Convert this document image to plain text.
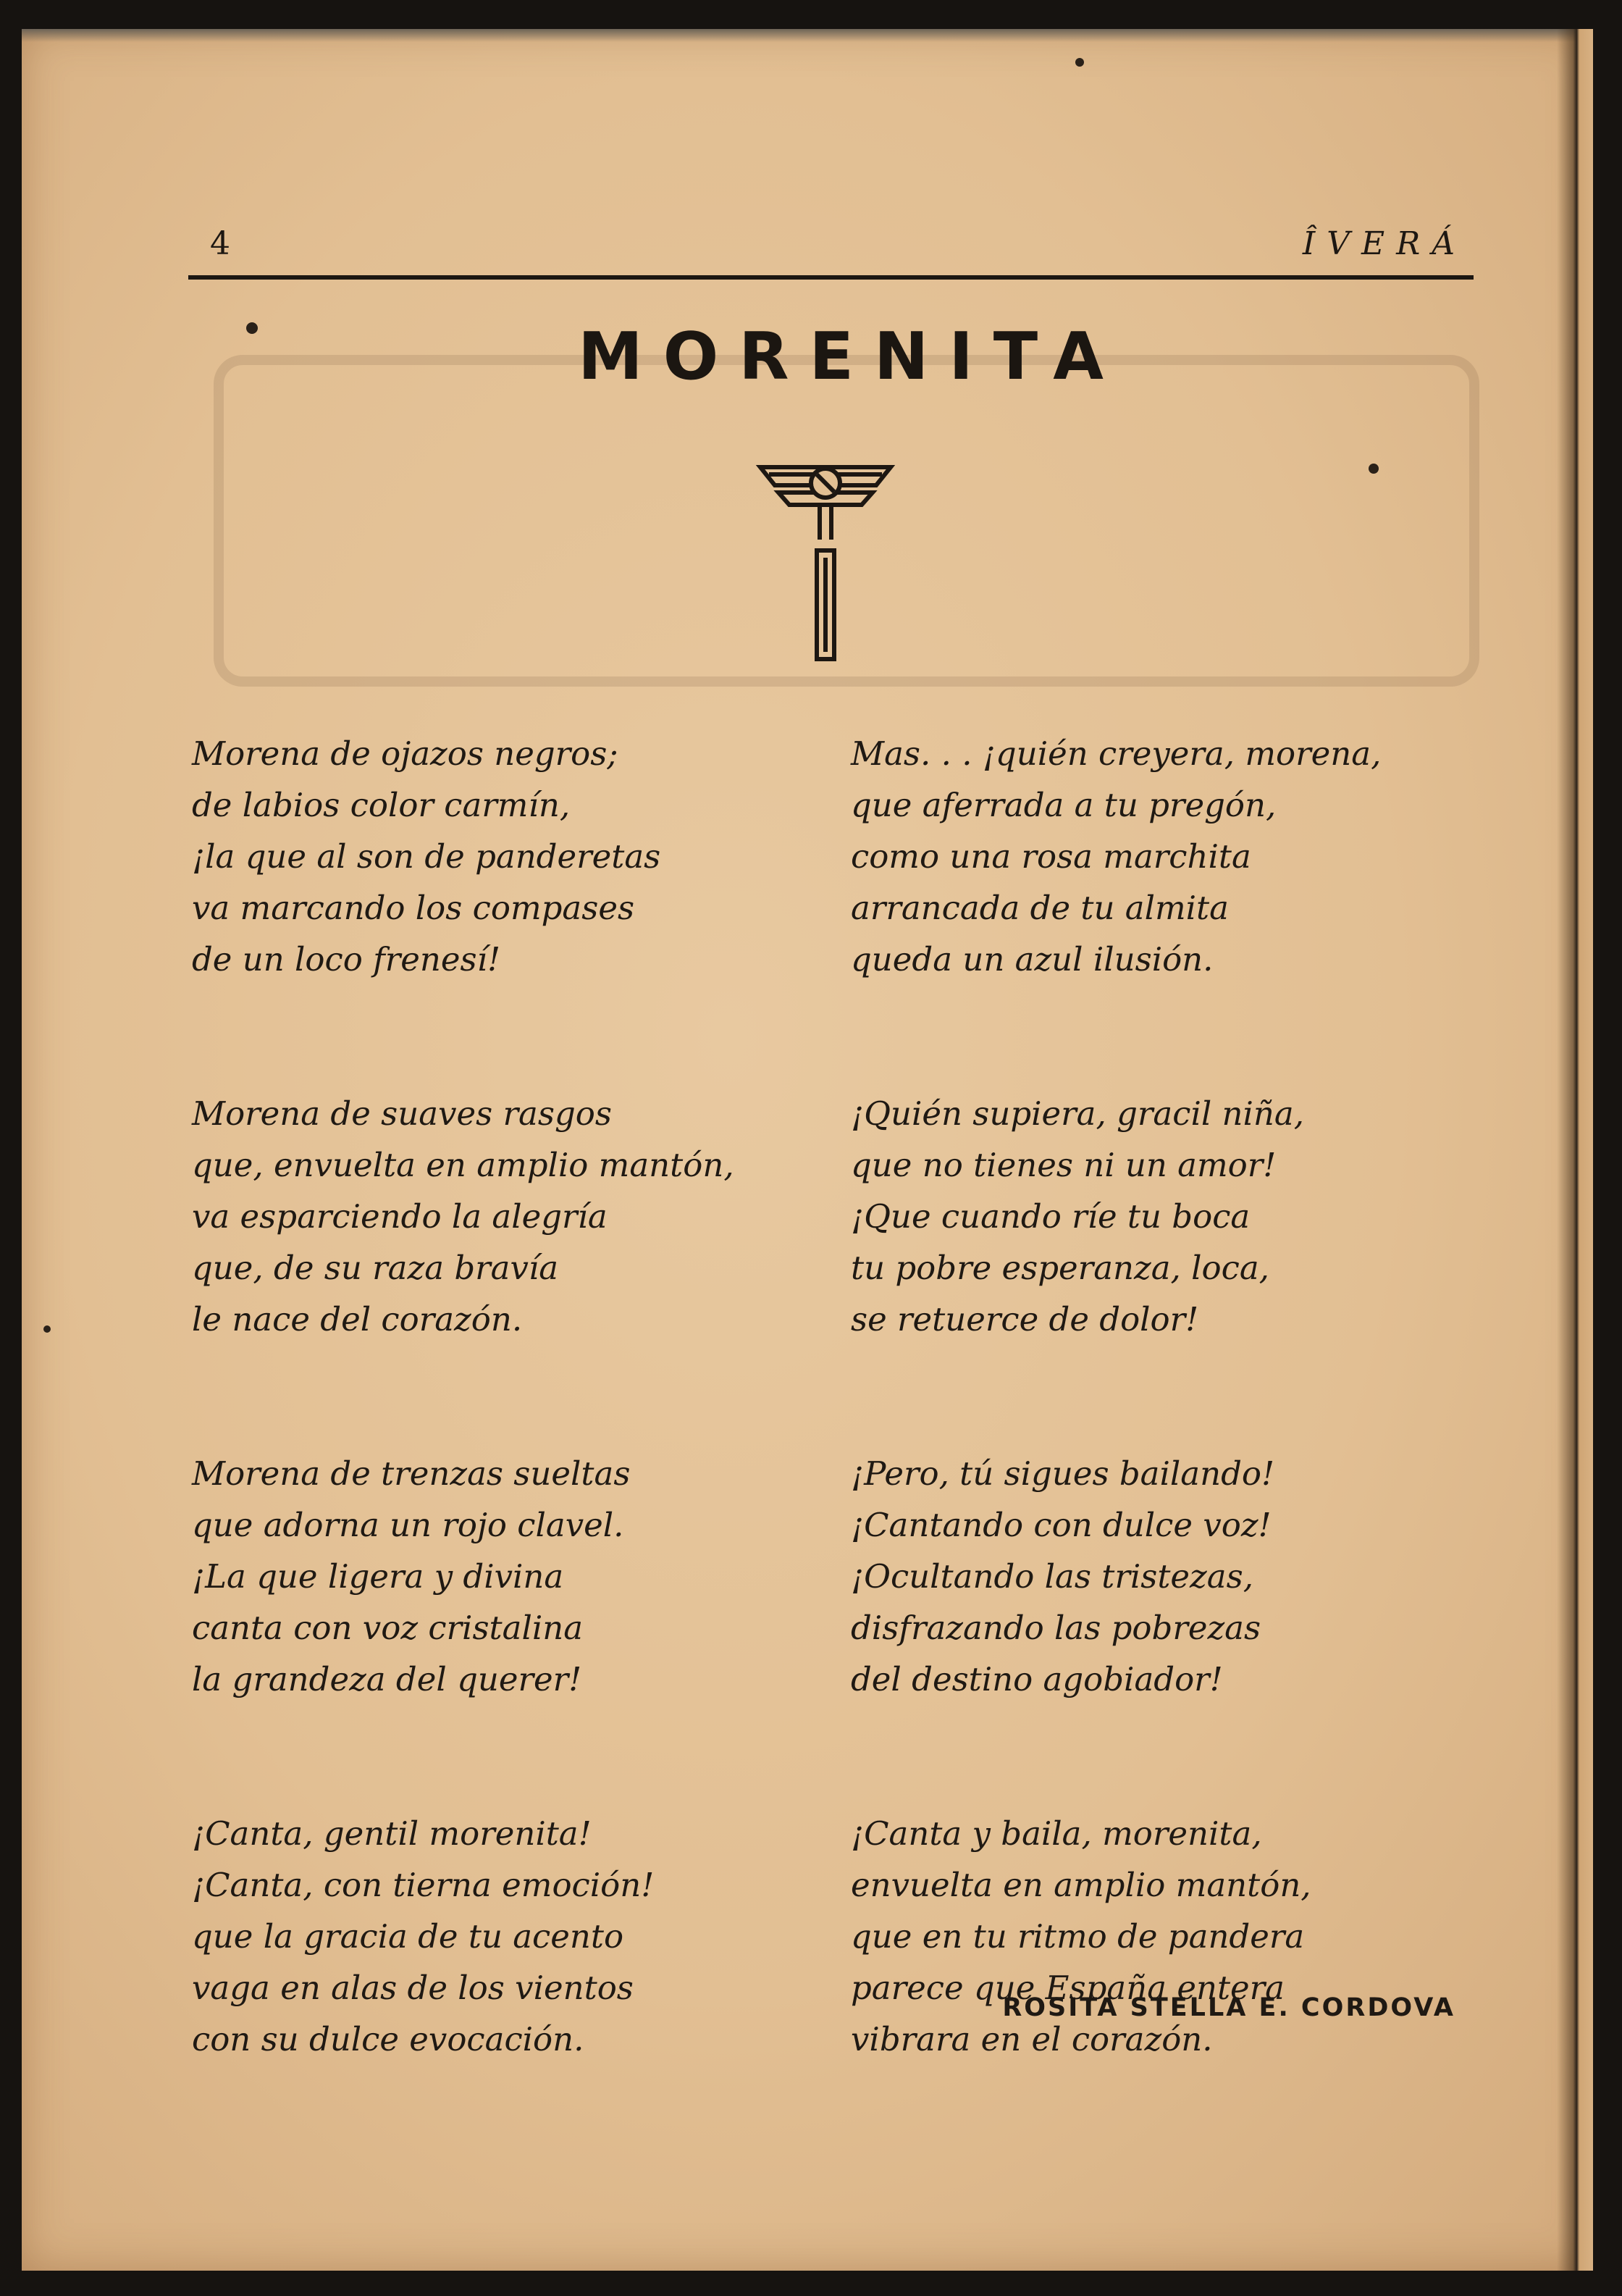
4	ÎVERÁ
MORENITA
Morena de ojazos negros;
de labios color carmín,
¡la que al son de panderetas
va marcando los compases
de un loco frenesí!
Morena de suaves rasgos
que, envuelta en amplio mantón,
va esparciendo la alegría
que, de su raza bravía
le nace del corazón.
Morena de trenzas sueltas
que adorna un rojo clavel.
¡La que ligera y divina
canta con voz cristalina
la grandeza del querer!
¡Canta, gentil morenita!
¡Canta, con tierna emoción!
que la gracia de tu acento
vaga en alas de los vientos
con su dulce evocación.
Mas. . . ¡quién creyera, morena,
que aferrada a tu pregón,
como una rosa marchita
arrancada de tu almita
queda un azul ilusión.
¡Quién supiera, gracil niña,
que no tienes ni un amor!
¡Que cuando ríe tu boca
tu pobre esperanza, loca,
se retuerce de dolor!
¡Pero, tú sigues bailando!
¡Cantando con dulce voz!
¡Ocultando las tristezas,
disfrazando las pobrezas
del destino agobiador!
¡Canta y baila, morenita,
envuelta en amplio mantón,
que en tu ritmo de pandera
parece que España entera
vibrara en el corazón.
ROSITA STELLA E. CORDOVA
